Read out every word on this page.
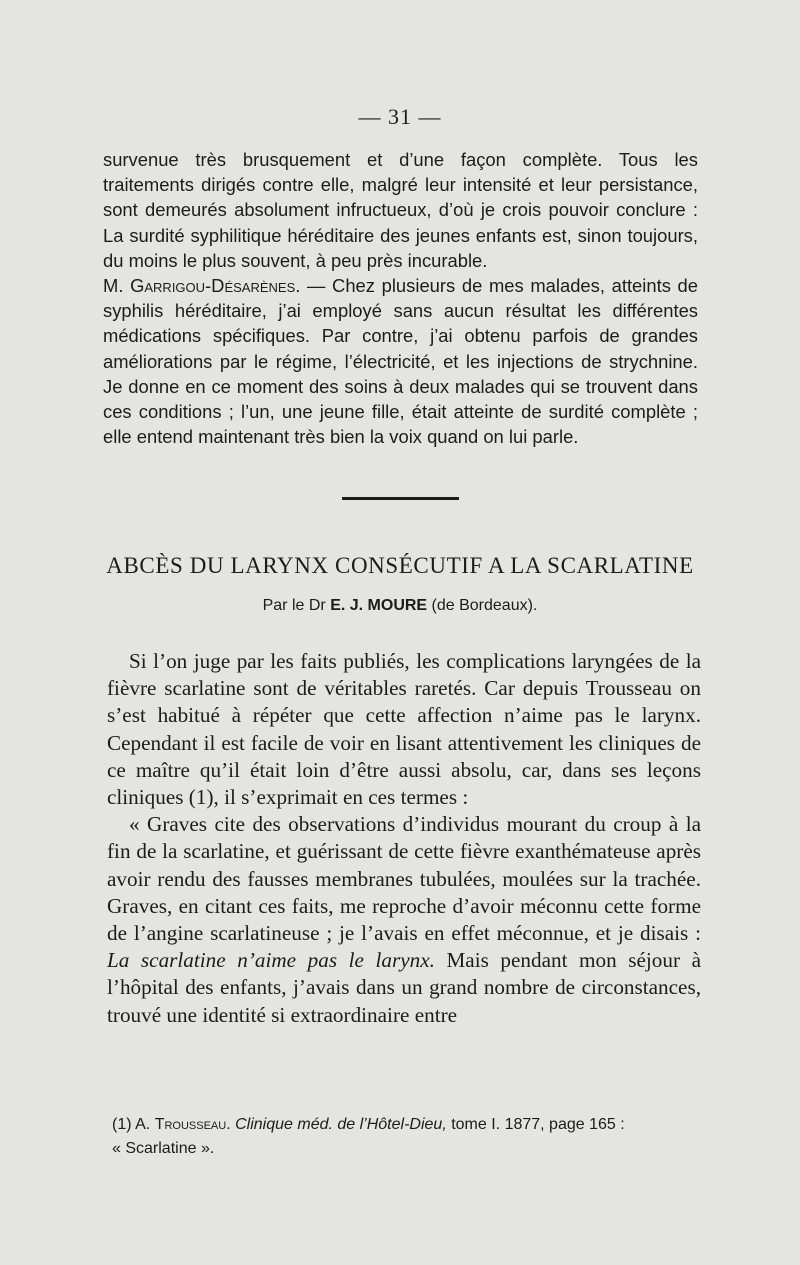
— 31 —

survenue très brusquement et d’une façon complète. Tous les traitements dirigés contre elle, malgré leur intensité et leur persistance, sont demeurés absolument infructueux, d’où je crois pouvoir conclure : La surdité syphilitique héréditaire des jeunes enfants est, sinon toujours, du moins le plus souvent, à peu près incurable.

M. Garrigou-Désarènes. — Chez plusieurs de mes malades, atteints de syphilis héréditaire, j’ai employé sans aucun résultat les différentes médications spécifiques. Par contre, j’ai obtenu parfois de grandes améliorations par le régime, l’électricité, et les injections de strychnine. Je donne en ce moment des soins à deux malades qui se trouvent dans ces conditions ; l’un, une jeune fille, était atteinte de surdité complète ; elle entend maintenant très bien la voix quand on lui parle.

ABCÈS DU LARYNX CONSÉCUTIF A LA SCARLATINE
Par le Dr E. J. MOURE (de Bordeaux).

Si l’on juge par les faits publiés, les complications laryngées de la fièvre scarlatine sont de véritables raretés. Car depuis Trousseau on s’est habitué à répéter que cette affection n’aime pas le larynx. Cependant il est facile de voir en lisant attentivement les cliniques de ce maître qu’il était loin d’être aussi absolu, car, dans ses leçons cliniques (1), il s’exprimait en ces termes :

« Graves cite des observations d’individus mourant du croup à la fin de la scarlatine, et guérissant de cette fièvre exanthémateuse après avoir rendu des fausses membranes tubulées, moulées sur la trachée. Graves, en citant ces faits, me reproche d’avoir méconnu cette forme de l’angine scarlatineuse ; je l’avais en effet méconnue, et je disais : La scarlatine n’aime pas le larynx. Mais pendant mon séjour à l’hôpital des enfants, j’avais dans un grand nombre de circonstances, trouvé une identité si extraordinaire entre

(1) A. Trousseau. Clinique méd. de l’Hôtel-Dieu, tome I. 1877, page 165 :

« Scarlatine ».
